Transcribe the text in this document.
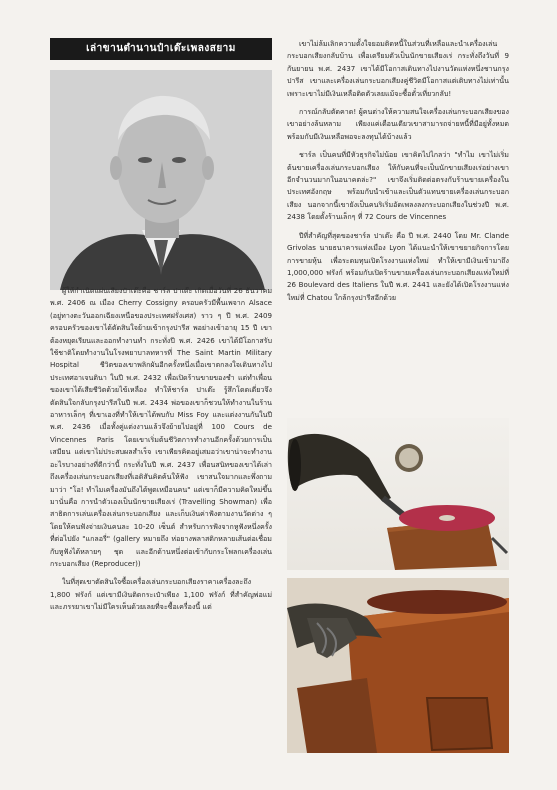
เล่าขานตำนานป๋าเต๊ะเพลงสยาม

ผู้ให้กำเนิดแผ่นเสียงป๋าเต๊ะคือ ชาร์ล ปาเต๊ะ เกิดเมื่อวันที่ 26 ธันวาคม พ.ศ. 2406 ณ เมือง Cherry Cossigny ครอบครัวมีพื้นเพจาก Alsace (อยู่ทางตะวันออกเฉียงเหนือของประเทศฝรั่งเศส) ราว ๆ ปี พ.ศ. 2409 ครอบครัวของเขาได้ตัดสินใจย้ายเข้ากรุงปารีส พอย่างเข้าอายุ 15 ปี เขาต้องหยุดเรียนและออกทำงานทำ กระทั่งปี พ.ศ. 2426 เขาได้มีโอกาสรับใช้ชาติโดยทำงานในโรงพยาบาลทหารที่ The Saint Martin Military Hospital ชีวิตของเขาพลิกผันอีกครั้งหนึ่งเมื่อเขาตกลงใจเดินทางไปประเทศอาเจนตินา ในปี พ.ศ. 2432 เพื่อเปิดร้านขายของชำ แต่ทำเพื่อนของเขาได้เสียชีวิตด้วยไข้เหลือง ทำให้ชาร์ล ปาเต๊ะ รู้สึกโดดเดี่ยวจึงตัดสินใจกลับกรุงปารีสในปี พ.ศ. 2434 พ่อของเขาก็ชวนให้ทำงานในร้านอาหารเล็กๆ ที่เขาเองที่ทำให้เขาได้พบกับ Miss Foy และแต่งงานกันในปี พ.ศ. 2436 เมื่อทั้งคู่แต่งงานแล้วจึงย้ายไปอยู่ที่ 100 Cours de Vincennes Paris โดยเขาเริ่มต้นชีวิตการทำงานอีกครั้งด้วยการเป็นเสมียน แต่เขาไม่ประสบผลสำเร็จ เขาเพียรคิดอยู่เสมอว่าเขาน่าจะทำงานอะไรบางอย่างที่ดีกว่านี้ กระทั่งในปี พ.ศ. 2437 เพื่อนสนิทของเขาได้เล่าถึงเครื่องเล่นกระบอกเสียงที่เอดิสันคิดค้นให้ฟัง เขาสนใจมากและพึ่งถามมาว่า "โอ! ทำไมเครื่องมันถึงได้พูดเหมือนคน" แต่เขาก็มีความคิดใหม่ขึ้นมานั่นคือ การนำตัวเองเป็นนักขายเสียงเร่ (Travelling Showman) เพื่อสาธิตการเล่นเครื่องเล่นกระบอกเสียง และเก็บเงินค่าฟังตามงานวัดต่าง ๆ โดยให้คนฟังจ่ายเงินคนละ 10-20 เซ็นต์ สำหรับการฟังจากหูฟังหนึ่งครั้ง ที่ต่อไปยัง "แกลอรี่" (gallery หมายถึง ห่อยางพลาสติกหลายเส้นต่อเชื่อมกับหูฟังได้หลายๆ ชุด และอีกด้านหนึ่งต่อเข้ากับกระโพลกเครื่องเล่นกระบอกเสียง (Reproducer))

ในที่สุดเขาตัดสินใจซื้อเครื่องเล่นกระบอกเสียงราคาเครื่องละถึง 1,800 ฟรังก์ แต่เขามีเงินติดกระเป๋าเพียง 1,100 ฟรังก์ ที่สำคัญพ่อแม่และภรรยาเขาไม่มีใครเห็นด้วยเลยที่จะซื้อเครื่องนี้ แต่

เขาไม่ล้มเลิกความตั้งใจยอมติดหนี้ในส่วนที่เหลือและนำเครื่องเล่นกระบอกเสียงกลับบ้าน เพื่อเตรียมตัวเป็นนักขายเสียงเร่ กระทั่งถึงวันที่ 9 กันยายน พ.ศ. 2437 เขาได้มีโอกาสเดินทางไปงานวัดแห่งหนึ่งชานกรุงปารีส เขาและเครื่องเล่นกระบอกเสียงคู่ชีวิตมีโอกาสแต่เติบทางไม่เท่านั้น เพราะเขาไม่มีเงินเหลือติดตัวเลยแม้จะซื้อตั๋วเที่ยวกลับ!

การณ์กลับตัดคาด! ผู้คนต่างให้ความสนใจเครื่องเล่นกระบอกเสียงของเขาอย่างล้นหลาม เพียงแค่เดือนเดียวเขาสามารถจ่ายหนี้ที่มีอยู่ทั้งหมด พร้อมกับมีเงินเหลือพอจะลงทุนได้บ้างแล้ว

ชาร์ล เป็นคนที่มีหัวธุรกิจไม่น้อย เขาคิดไปไกลว่า "ทำไม เขาไม่เริ่มต้นขายเครื่องเล่นกระบอกเสียง ให้กับคนที่จะเป็นนักขายเสียงเร่อย่างเขาอีกจำนวนมากในอนาคตล่ะ?" เขาจึงเริ่มติดต่อตรงกับร้านขายเครื่องในประเทศอังกฤษ พร้อมกับนำเข้าและเป็นตัวแทนขายเครื่องเล่นกระบอกเสียง นอกจากนี้เขายังเป็นคนริเริ่มอัดเพลงลงกระบอกเสียงในช่วงปี พ.ศ. 2438 โดยตั้งร้านเล็กๆ ที่ 72 Cours de Vincennes

ปีที่สำคัญที่สุดของชาร์ล ปาเต๊ะ คือ ปี พ.ศ. 2440 โดย Mr. Clande Grivolas นายธนาคารแห่งเมือง Lyon ได้แนะนำให้เขาขยายกิจการโดยการขายหุ้น เพื่อระดมทุนเปิดโรงงานแห่งใหม่ ทำให้เขามีเงินเข้ามาถึง 1,000,000 ฟรังก์ พร้อมกับเปิดร้านขายเครื่องเล่นกระบอกเสียงแห่งใหม่ที่ 26 Boulevard des Italiens ในปี พ.ศ. 2441 และยังได้เปิดโรงงานแห่งใหม่ที่ Chatou ใกล้กรุงปารีสอีกด้วย
